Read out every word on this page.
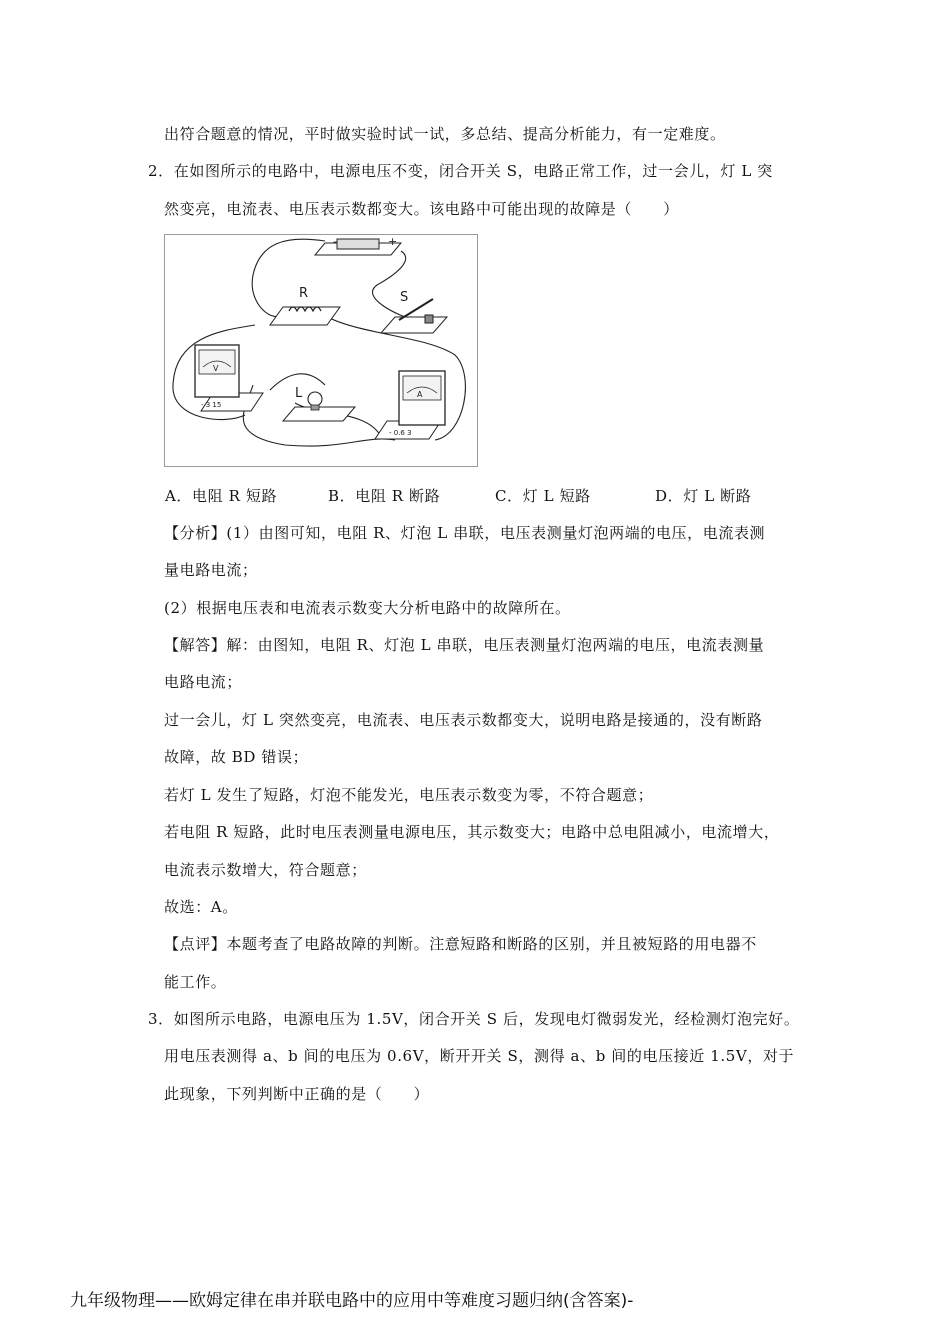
出符合题意的情况，平时做实验时试一试，多总结、提高分析能力，有一定难度。
2．在如图所示的电路中，电源电压不变，闭合开关 S，电路正常工作，过一会儿，灯 L 突
然变亮，电流表、电压表示数都变大。该电路中可能出现的故障是（　　）
-	+
R	S
V
- 3 15
L	A
- 0.6 3
A．电阻 R 短路	B．电阻 R 断路	C．灯 L 短路	D．灯 L 断路
【分析】(1）由图可知，电阻 R、灯泡 L 串联，电压表测量灯泡两端的电压，电流表测
量电路电流；
(2）根据电压表和电流表示数变大分析电路中的故障所在。
【解答】解：由图知，电阻 R、灯泡 L 串联，电压表测量灯泡两端的电压，电流表测量
电路电流；
过一会儿，灯 L 突然变亮，电流表、电压表示数都变大，说明电路是接通的，没有断路
故障，故 BD 错误；
若灯 L 发生了短路，灯泡不能发光，电压表示数变为零，不符合题意；
若电阻 R 短路，此时电压表测量电源电压，其示数变大；电路中总电阻减小，电流增大，
电流表示数增大，符合题意；
故选：A。
【点评】本题考查了电路故障的判断。注意短路和断路的区别，并且被短路的用电器不
能工作。
3．如图所示电路，电源电压为 1.5V，闭合开关 S 后，发现电灯微弱发光，经检测灯泡完好。
用电压表测得 a、b 间的电压为 0.6V，断开开关 S，测得 a、b 间的电压接近 1.5V，对于
此现象，下列判断中正确的是（　　）
九年级物理——欧姆定律在串并联电路中的应用中等难度习题归纳(含答案)-
